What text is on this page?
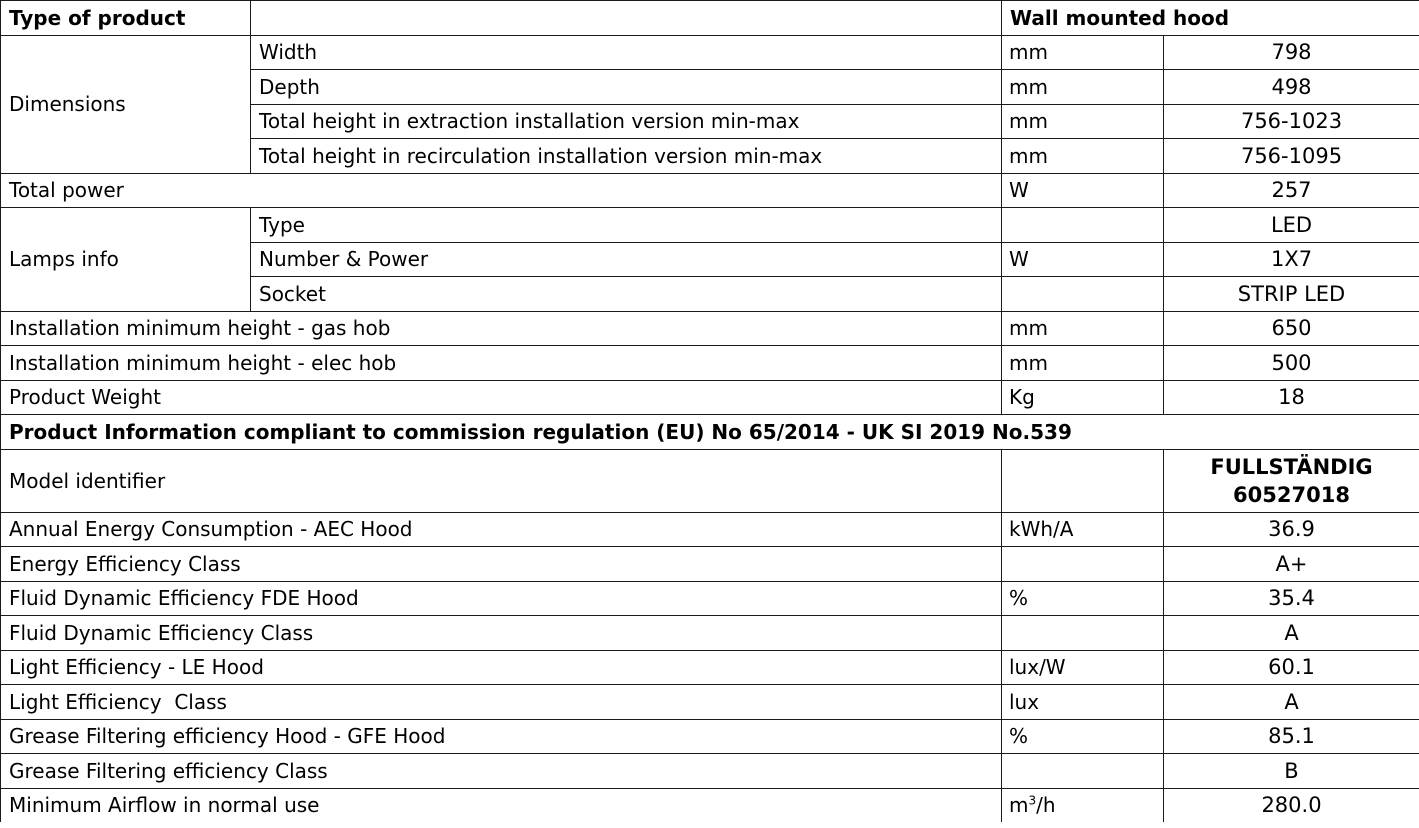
Type of product		Wall mounted hood	
Dimensions	Width	mm	798
	Depth	mm	498
	Total height in extraction installation version min-max	mm	756-1023
	Total height in recirculation installation version min-max	mm	756-1095
Total power		W	257
Lamps info	Type		LED
	Number & Power	W	1X7
	Socket		STRIP LED
Installation minimum height - gas hob		mm	650
Installation minimum height - elec hob		mm	500
Product Weight		Kg	18
Product Information compliant to commission regulation (EU) No 65/2014 - UK SI 2019 No.539			
Model identifier			FULLSTÄNDIG
60527018

Annual Energy Consumption - AEC Hood		kWh/A	36.9
Energy Efficiency Class			A+
Fluid Dynamic Efficiency FDE Hood		%	35.4
Fluid Dynamic Efficiency Class			A
Light Efficiency - LE Hood		lux/W	60.1
Light Efficiency  Class		lux	A
Grease Filtering efficiency Hood - GFE Hood		%	85.1
Grease Filtering efficiency Class			B
Minimum Airflow in normal use		$m^3/h$	280.0
